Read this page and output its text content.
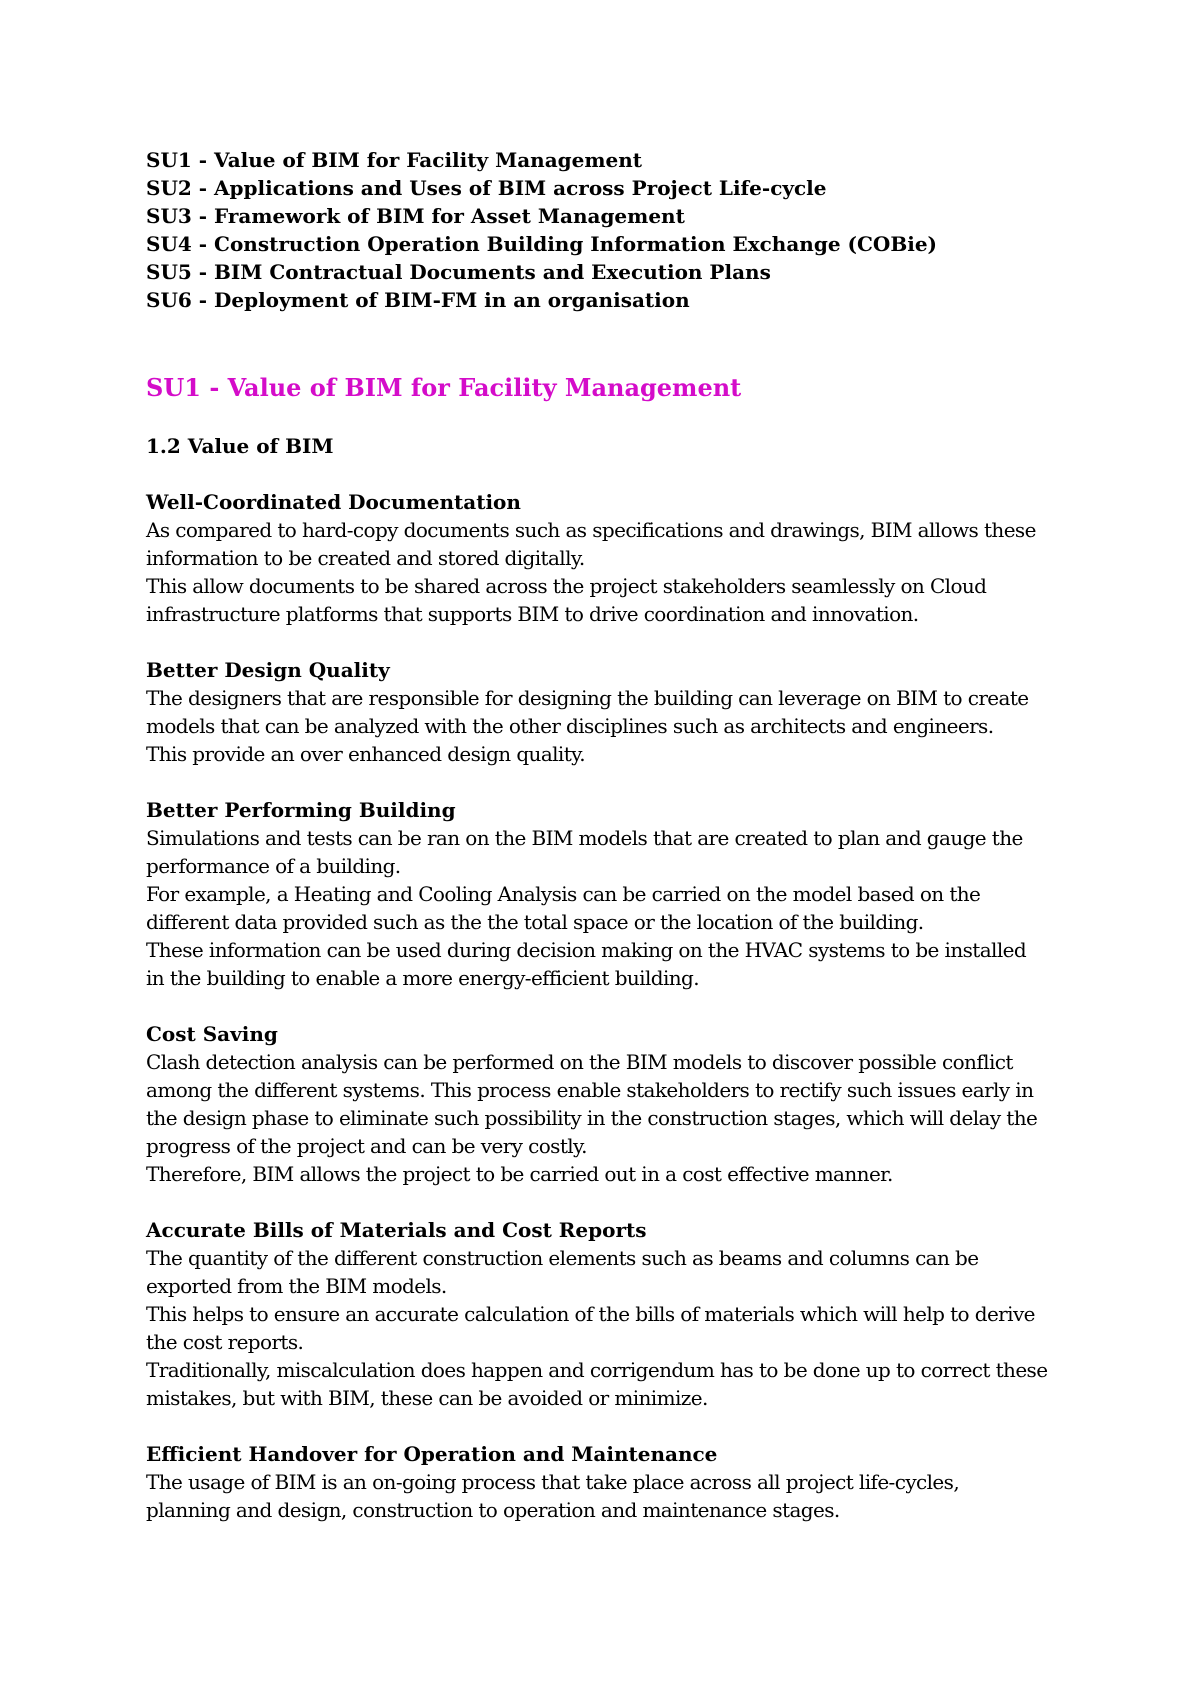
SU1 - Value of BIM for Facility Management
SU2 - Applications and Uses of BIM across Project Life-cycle
SU3 - Framework of BIM for Asset Management
SU4 - Construction Operation Building Information Exchange (COBie)
SU5 - BIM Contractual Documents and Execution Plans
SU6 - Deployment of BIM-FM in an organisation
SU1 - Value of BIM for Facility Management
1.2 Value of BIM
Well-Coordinated Documentation

As compared to hard-copy documents such as specifications and drawings, BIM allows these

information to be created and stored digitally.

This allow documents to be shared across the project stakeholders seamlessly on Cloud

infrastructure platforms that supports BIM to drive coordination and innovation.

Better Design Quality

The designers that are responsible for designing the building can leverage on BIM to create

models that can be analyzed with the other disciplines such as architects and engineers.

This provide an over enhanced design quality.

Better Performing Building

Simulations and tests can be ran on the BIM models that are created to plan and gauge the

performance of a building.

For example, a Heating and Cooling Analysis can be carried on the model based on the

different data provided such as the the total space or the location of the building.

These information can be used during decision making on the HVAC systems to be installed

in the building to enable a more energy-efficient building.

Cost Saving

Clash detection analysis can be performed on the BIM models to discover possible conflict

among the different systems. This process enable stakeholders to rectify such issues early in

the design phase to eliminate such possibility in the construction stages, which will delay the

progress of the project and can be very costly.

Therefore, BIM allows the project to be carried out in a cost effective manner.

Accurate Bills of Materials and Cost Reports

The quantity of the different construction elements such as beams and columns can be

exported from the BIM models.

This helps to ensure an accurate calculation of the bills of materials which will help to derive

the cost reports.

Traditionally, miscalculation does happen and corrigendum has to be done up to correct these

mistakes, but with BIM, these can be avoided or minimize.

Efficient Handover for Operation and Maintenance

The usage of BIM is an on-going process that take place across all project life-cycles,

planning and design, construction to operation and maintenance stages.
